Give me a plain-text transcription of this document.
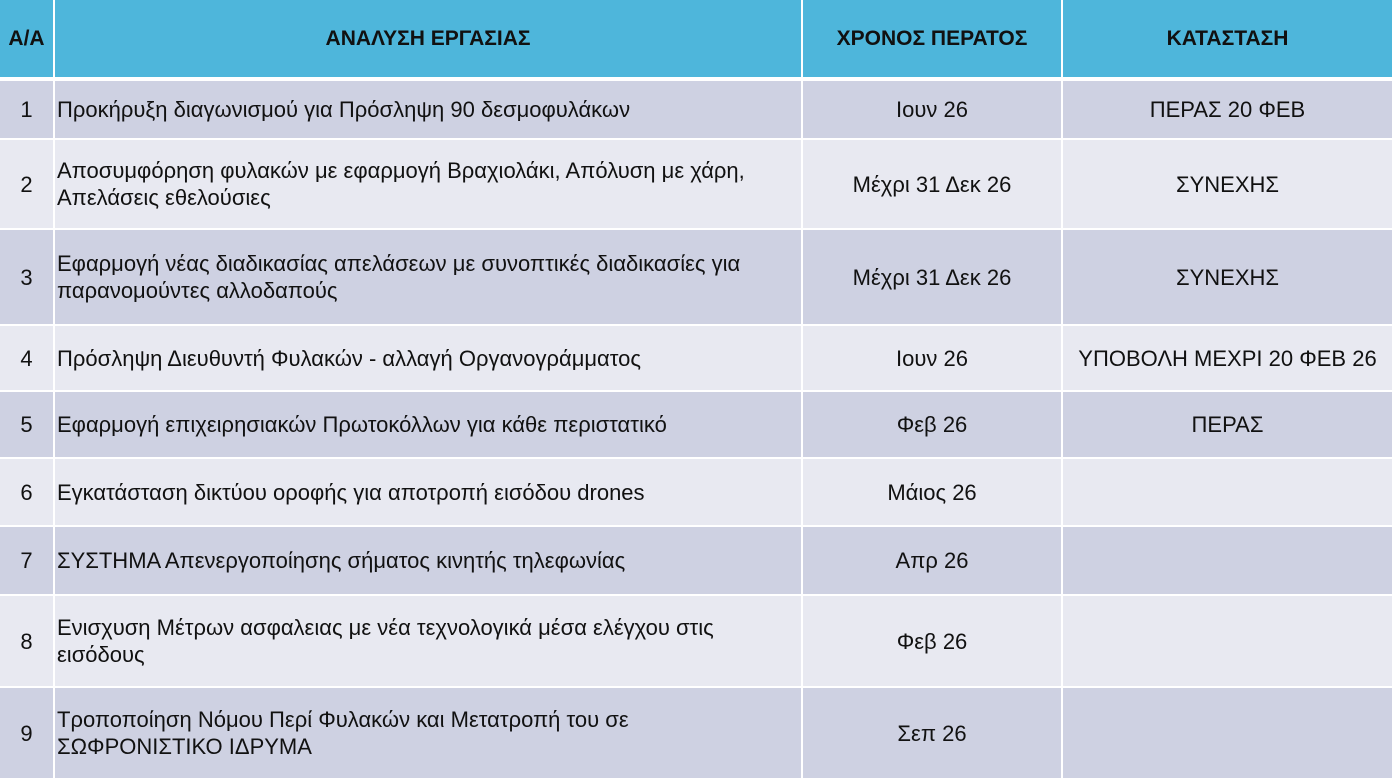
Α/Α	ΑΝΑΛΥΣΗ ΕΡΓΑΣΙΑΣ	ΧΡΟΝΟΣ ΠΕΡΑΤΟΣ	ΚΑΤΑΣΤΑΣΗ
1	Προκήρυξη διαγωνισμού για Πρόσληψη 90 δεσμοφυλάκων	Ιουν 26	ΠΕΡΑΣ 20 ΦΕΒ
2	Αποσυμφόρηση φυλακών με εφαρμογή Βραχιολάκι, Απόλυση με χάρη, Απελάσεις εθελούσιες	Μέχρι 31 Δεκ 26	ΣΥΝΕΧΗΣ
3	Εφαρμογή νέας διαδικασίας απελάσεων με συνοπτικές διαδικασίες για παρανομούντες αλλοδαπούς	Μέχρι 31 Δεκ 26	ΣΥΝΕΧΗΣ
4	Πρόσληψη Διευθυντή Φυλακών - αλλαγή Οργανογράμματος	Ιουν 26	ΥΠΟΒΟΛΗ ΜΕΧΡΙ 20 ΦΕΒ 26
5	Εφαρμογή επιχειρησιακών Πρωτοκόλλων για κάθε περιστατικό	Φεβ 26	ΠΕΡΑΣ
6	Εγκατάσταση δικτύου οροφής για αποτροπή εισόδου drones	Μάιος 26	
7	ΣΥΣΤΗΜΑ Απενεργοποίησης σήματος κινητής τηλεφωνίας	Απρ 26	
8	Ενισχυση Μέτρων ασφαλειας με νέα τεχνολογικά μέσα ελέγχου στις εισόδους	Φεβ 26	
9	Τροποποίηση Νόμου Περί Φυλακών και Μετατροπή του σε ΣΩΦΡΟΝΙΣΤΙΚΟ ΙΔΡΥΜΑ	Σεπ 26	
